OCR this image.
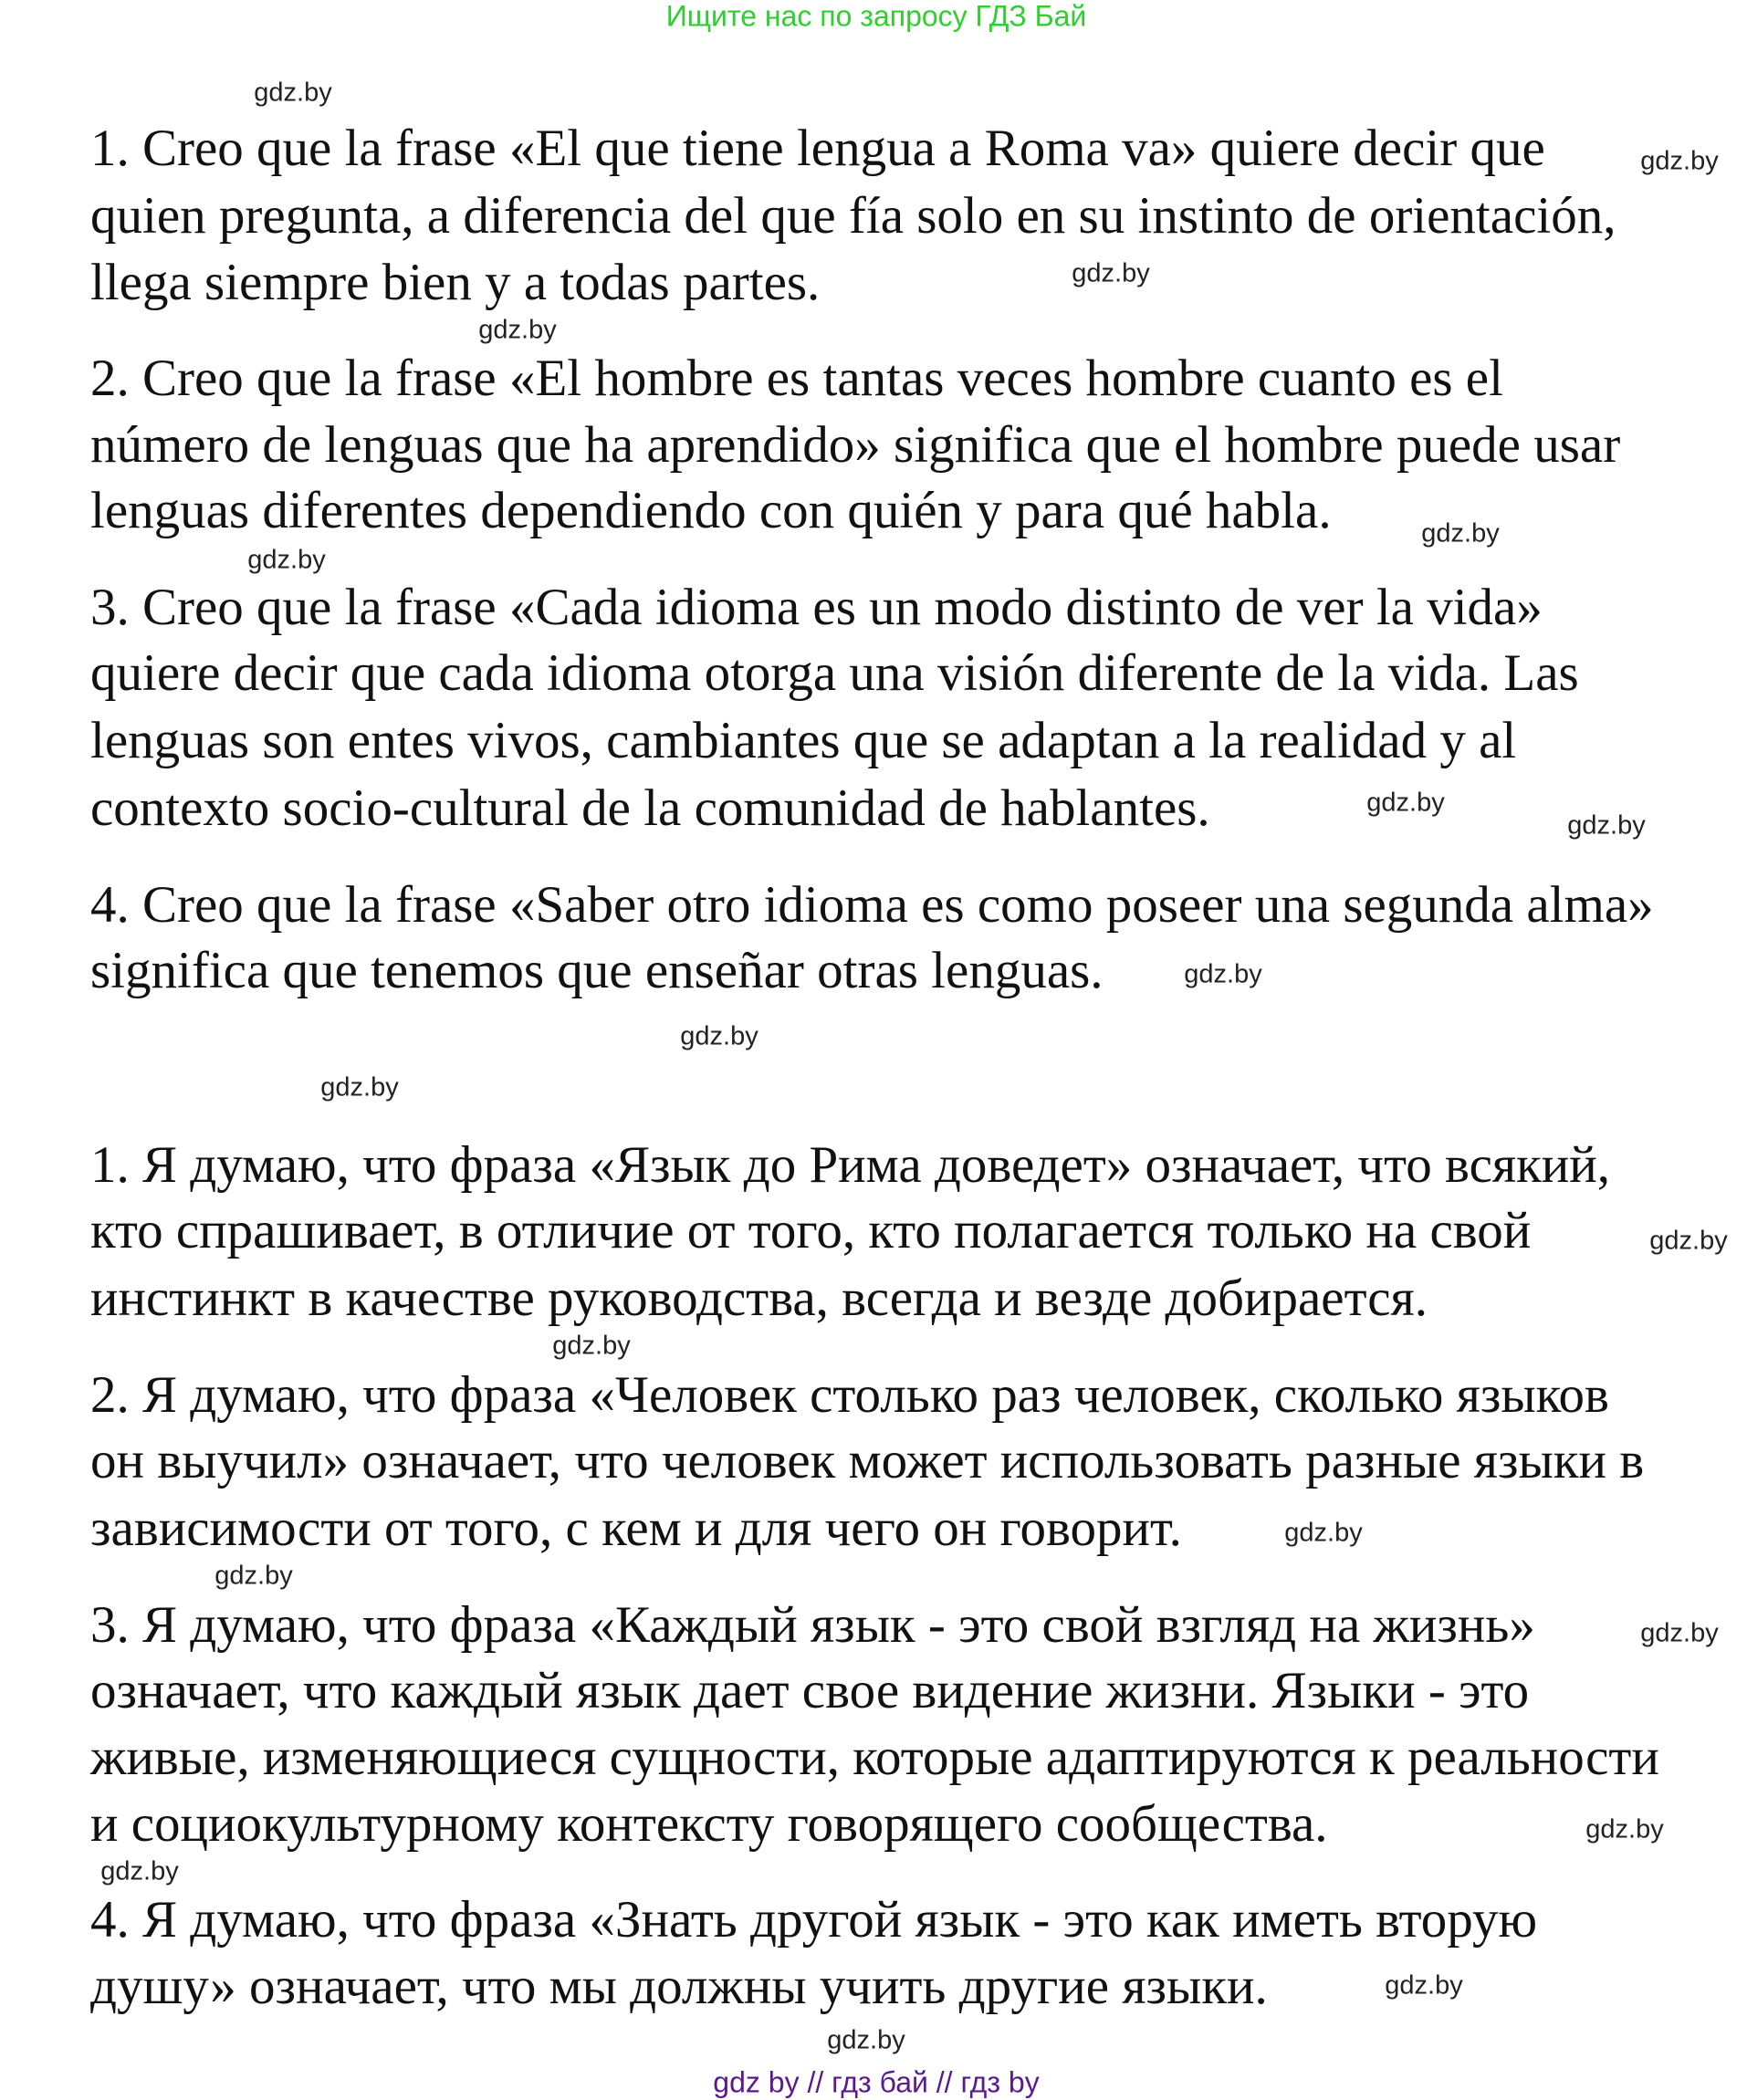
Ищите нас по запросу ГДЗ Бай
1. Creo que la frase «El que tiene lengua a Roma va» quiere decir que
quien pregunta, a diferencia del que fía solo en su instinto de orientación,
llega siempre bien y a todas partes.
2. Creo que la frase «El hombre es tantas veces hombre cuanto es el
número de lenguas que ha aprendido» significa que el hombre puede usar
lenguas diferentes dependiendo con quién y para qué habla.
3. Creo que la frase «Cada idioma es un modo distinto de ver la vida»
quiere decir que cada idioma otorga una visión diferente de la vida. Las
lenguas son entes vivos, cambiantes que se adaptan a la realidad y al
contexto socio-cultural de la comunidad de hablantes.
4. Creo que la frase «Saber otro idioma es como poseer una segunda alma»
significa que tenemos que enseñar otras lenguas.
1. Я думаю, что фраза «Язык до Рима доведет» означает, что всякий,
кто спрашивает, в отличие от того, кто полагается только на свой
инстинкт в качестве руководства, всегда и везде добирается.
2. Я думаю, что фраза «Человек столько раз человек, сколько языков
он выучил» означает, что человек может использовать разные языки в
зависимости от того, с кем и для чего он говорит.
3. Я думаю, что фраза «Каждый язык - это свой взгляд на жизнь»
означает, что каждый язык дает свое видение жизни. Языки - это
живые, изменяющиеся сущности, которые адаптируются к реальности
и социокультурному контексту говорящего сообщества.
4. Я думаю, что фраза «Знать другой язык - это как иметь вторую
душу» означает, что мы должны учить другие языки.
gdz.by
gdz.by
gdz.by
gdz.by
gdz.by
gdz.by
gdz.by
gdz.by
gdz.by
gdz.by
gdz.by
gdz.by
gdz.by
gdz.by
gdz.by
gdz.by
gdz.by
gdz.by
gdz.by
gdz.by
gdz by // гдз бай // гдз by
